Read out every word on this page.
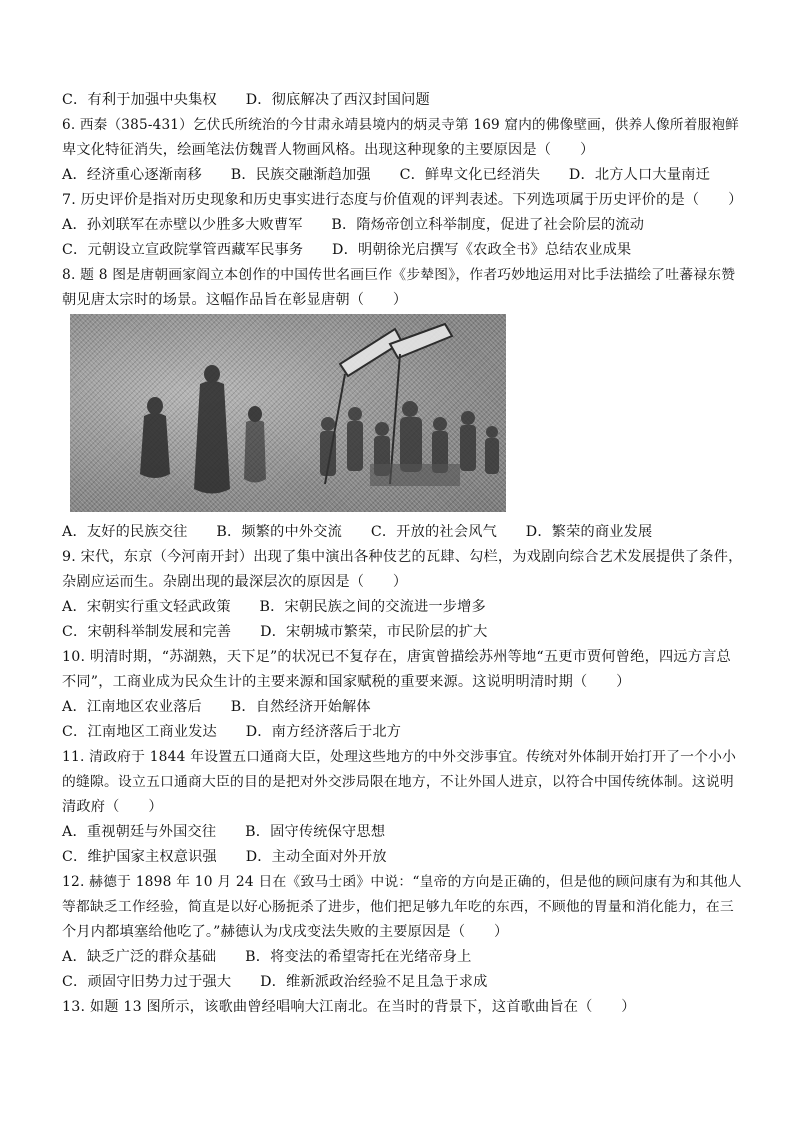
C．有利于加强中央集权　　D．彻底解决了西汉封国问题
6. 西秦（385-431）乞伏氏所统治的今甘肃永靖县境内的炳灵寺第 169 窟内的佛像壁画，供养人像所着服袍鲜
卑文化特征消失，绘画笔法仿魏晋人物画风格。出现这种现象的主要原因是（　　）
A．经济重心逐渐南移　　B．民族交融渐趋加强　　C．鲜卑文化已经消失　　D．北方人口大量南迁
7. 历史评价是指对历史现象和历史事实进行态度与价值观的评判表述。下列选项属于历史评价的是（　　）
A．孙刘联军在赤壁以少胜多大败曹军　　B．隋炀帝创立科举制度，促进了社会阶层的流动
C．元朝设立宣政院掌管西藏军民事务　　D．明朝徐光启撰写《农政全书》总结农业成果
8. 题 8 图是唐朝画家阎立本创作的中国传世名画巨作《步辇图》，作者巧妙地运用对比手法描绘了吐蕃禄东赞
朝见唐太宗时的场景。这幅作品旨在彰显唐朝（　　）
A．友好的民族交往　　B．频繁的中外交流　　C．开放的社会风气　　D．繁荣的商业发展
9. 宋代，东京（今河南开封）出现了集中演出各种伎艺的瓦肆、勾栏，为戏剧向综合艺术发展提供了条件，
杂剧应运而生。杂剧出现的最深层次的原因是（　　）
A．宋朝实行重文轻武政策　　B．宋朝民族之间的交流进一步增多
C．宋朝科举制发展和完善　　D．宋朝城市繁荣，市民阶层的扩大
10. 明清时期，“苏湖熟，天下足”的状况已不复存在，唐寅曾描绘苏州等地“五更市贾何曾绝，四远方言总
不同”，工商业成为民众生计的主要来源和国家赋税的重要来源。这说明明清时期（　　）
A．江南地区农业落后　　B．自然经济开始解体
C．江南地区工商业发达　　D．南方经济落后于北方
11. 清政府于 1844 年设置五口通商大臣，处理这些地方的中外交涉事宜。传统对外体制开始打开了一个小小
的缝隙。设立五口通商大臣的目的是把对外交涉局限在地方，不让外国人进京，以符合中国传统体制。这说明
清政府（　　）
A．重视朝廷与外国交往　　B．固守传统保守思想
C．维护国家主权意识强　　D．主动全面对外开放
12. 赫德于 1898 年 10 月 24 日在《致马士函》中说：“皇帝的方向是正确的，但是他的顾问康有为和其他人
等都缺乏工作经验，简直是以好心肠扼杀了进步，他们把足够九年吃的东西，不顾他的胃量和消化能力，在三
个月内都填塞给他吃了。”赫德认为戊戌变法失败的主要原因是（　　）
A．缺乏广泛的群众基础　　B．将变法的希望寄托在光绪帝身上
C．顽固守旧势力过于强大　　D．维新派政治经验不足且急于求成
13. 如题 13 图所示，该歌曲曾经唱响大江南北。在当时的背景下，这首歌曲旨在（　　）
